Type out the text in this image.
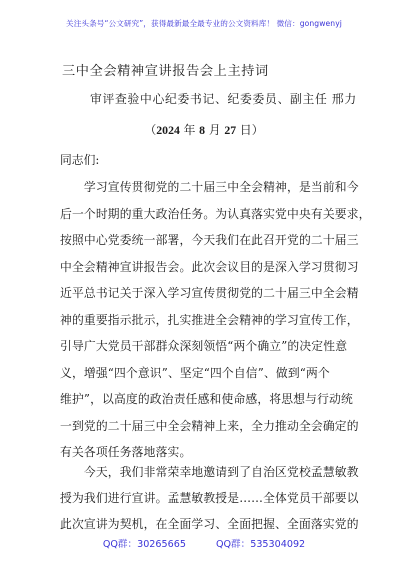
关注头条号“公文研究”，获得最新最全最专业的公文资料库！ 微信：gongwenyj
三中全会精神宣讲报告会上主持词
审评查验中心纪委书记、纪委委员、副主任 邢力
（2024 年 8 月 27 日）
同志们:
　　学习宣传贯彻党的二十届三中全会精神，是当前和今
后一个时期的重大政治任务。为认真落实党中央有关要求，
按照中心党委统一部署，今天我们在此召开党的二十届三
中全会精神宣讲报告会。此次会议目的是深入学习贯彻习
近平总书记关于深入学习宣传贯彻党的二十届三中全会精
神的重要指示批示，扎实推进全会精神的学习宣传工作，
引导广大党员干部群众深刻领悟“两个确立”的决定性意
义，增强“四个意识”、坚定“四个自信”、做到“两个
维护”，以高度的政治责任感和使命感，将思想与行动统
一到党的二十届三中全会精神上来，全力推动全会确定的
有关各项任务落地落实。
　　今天，我们非常荣幸地邀请到了自治区党校孟慧敏教
授为我们进行宣讲。孟慧敏教授是……全体党员干部要以
此次宣讲为契机，在全面学习、全面把握、全面落实党的
QQ群：30265665	QQ群：535304092
